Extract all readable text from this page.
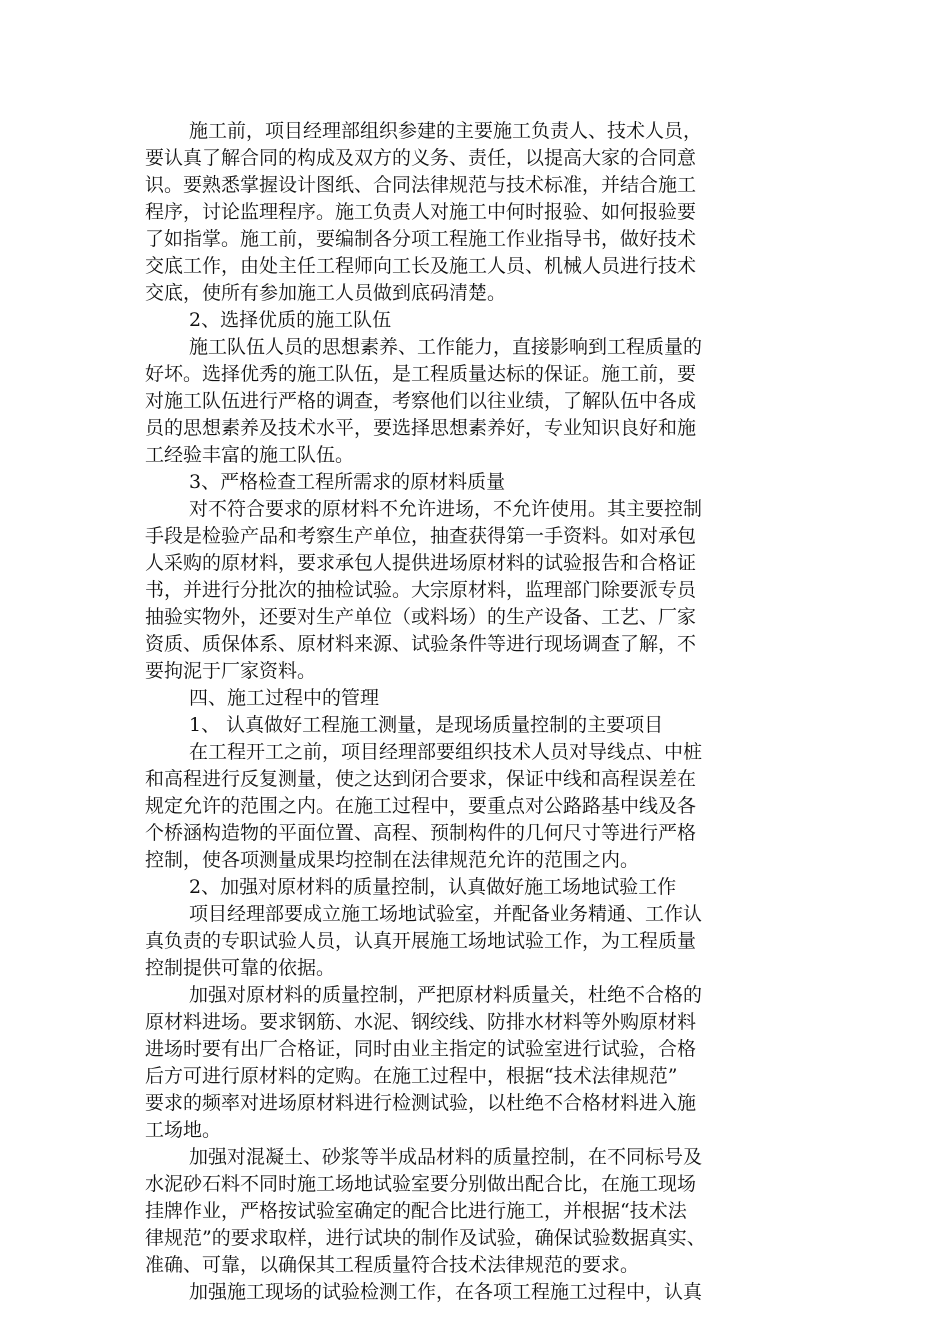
施工前，项目经理部组织参建的主要施工负责人、技术人员，
要认真了解合同的构成及双方的义务、责任，以提高大家的合同意
识。要熟悉掌握设计图纸、合同法律规范与技术标准，并结合施工
程序，讨论监理程序。施工负责人对施工中何时报验、如何报验要
了如指掌。施工前，要编制各分项工程施工作业指导书，做好技术
交底工作，由处主任工程师向工长及施工人员、机械人员进行技术
交底，使所有参加施工人员做到底码清楚。
2、选择优质的施工队伍
施工队伍人员的思想素养、工作能力，直接影响到工程质量的
好坏。选择优秀的施工队伍，是工程质量达标的保证。施工前，要
对施工队伍进行严格的调查，考察他们以往业绩，了解队伍中各成
员的思想素养及技术水平，要选择思想素养好，专业知识良好和施
工经验丰富的施工队伍。
3、严格检查工程所需求的原材料质量
对不符合要求的原材料不允许进场，不允许使用。其主要控制
手段是检验产品和考察生产单位，抽查获得第一手资料。如对承包
人采购的原材料，要求承包人提供进场原材料的试验报告和合格证
书，并进行分批次的抽检试验。大宗原材料，监理部门除要派专员
抽验实物外，还要对生产单位（或料场）的生产设备、工艺、厂家
资质、质保体系、原材料来源、试验条件等进行现场调查了解，不
要拘泥于厂家资料。
四、施工过程中的管理
1、 认真做好工程施工测量，是现场质量控制的主要项目
在工程开工之前，项目经理部要组织技术人员对导线点、中桩
和高程进行反复测量，使之达到闭合要求，保证中线和高程误差在
规定允许的范围之内。在施工过程中，要重点对公路路基中线及各
个桥涵构造物的平面位置、高程、预制构件的几何尺寸等进行严格
控制，使各项测量成果均控制在法律规范允许的范围之内。
2、加强对原材料的质量控制，认真做好施工场地试验工作
项目经理部要成立施工场地试验室，并配备业务精通、工作认
真负责的专职试验人员，认真开展施工场地试验工作，为工程质量
控制提供可靠的依据。
加强对原材料的质量控制，严把原材料质量关，杜绝不合格的
原材料进场。要求钢筋、水泥、钢绞线、防排水材料等外购原材料
进场时要有出厂合格证，同时由业主指定的试验室进行试验，合格
后方可进行原材料的定购。在施工过程中，根据“技术法律规范”
要求的频率对进场原材料进行检测试验，以杜绝不合格材料进入施
工场地。
加强对混凝土、砂浆等半成品材料的质量控制，在不同标号及
水泥砂石料不同时施工场地试验室要分别做出配合比，在施工现场
挂牌作业，严格按试验室确定的配合比进行施工，并根据“技术法
律规范”的要求取样，进行试块的制作及试验，确保试验数据真实、
准确、可靠，以确保其工程质量符合技术法律规范的要求。
加强施工现场的试验检测工作，在各项工程施工过程中，认真
